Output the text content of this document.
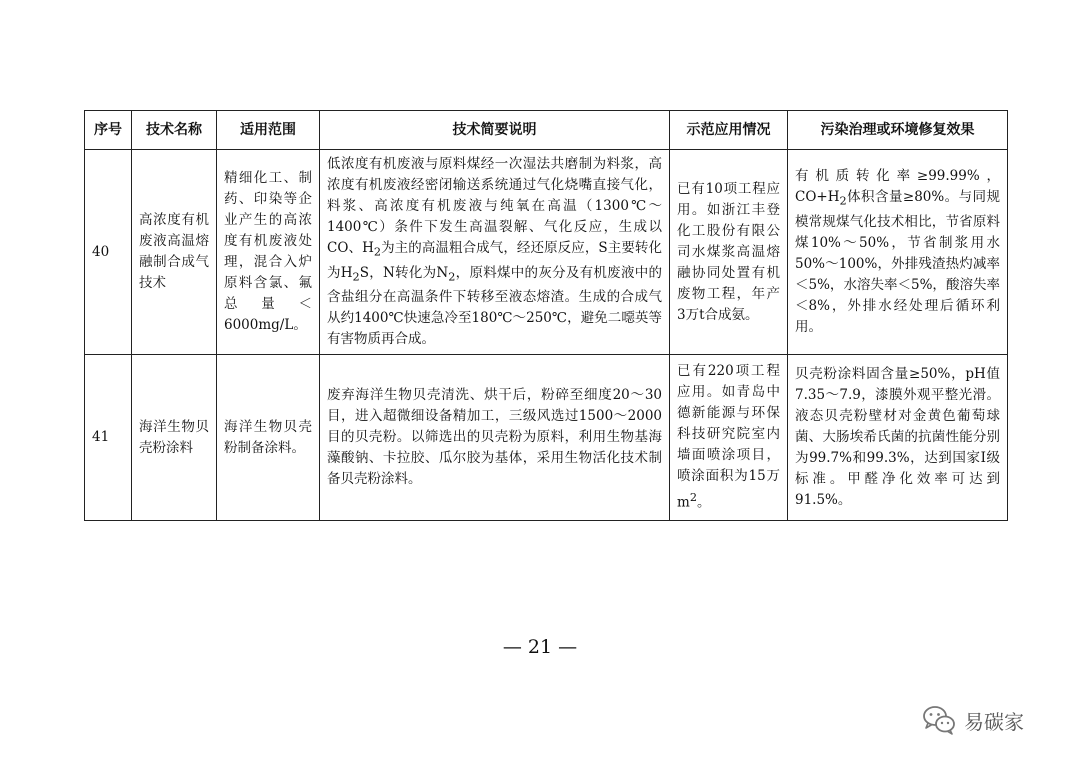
序号	技术名称	适用范围	技术简要说明	示范应用情况	污染治理或环境修复效果
40	高浓度有机废液高温熔融制合成气技术	精细化工、制药、印染等企业产生的高浓度有机废液处理，混合入炉原料含氯、氟总量＜6000mg/L。	低浓度有机废液与原料煤经一次湿法共磨制为料浆，高浓度有机废液经密闭输送系统通过气化烧嘴直接气化，料浆、高浓度有机废液与纯氧在高温（1300℃～1400℃）条件下发生高温裂解、气化反应，生成以CO、$H_2$为主的高温粗合成气，经还原反应，S主要转化为$H_2S$，N转化为$N_2$，原料煤中的灰分及有机废液中的含盐组分在高温条件下转移至液态熔渣。生成的合成气从约1400℃快速急冷至180℃～250℃，避免二噁英等有害物质再合成。	已有10项工程应用。如浙江丰登化工股份有限公司水煤浆高温熔融协同处置有机废物工程，年产3万t合成氨。	有机质转化率≥99.99%，$CO+H_2$体积含量≥80%。与同规模常规煤气化技术相比，节省原料煤10%～50%，节省制浆用水50%～100%，外排残渣热灼减率＜5%，水溶失率＜5%，酸溶失率＜8%，外排水经处理后循环利用。
41	海洋生物贝壳粉涂料	海洋生物贝壳粉制备涂料。	废弃海洋生物贝壳清洗、烘干后，粉碎至细度20～30目，进入超微细设备精加工，三级风选过1500～2000目的贝壳粉。以筛选出的贝壳粉为原料，利用生物基海藻酸钠、卡拉胶、瓜尔胶为基体，采用生物活化技术制备贝壳粉涂料。	已有220项工程应用。如青岛中德新能源与环保科技研究院室内墙面喷涂项目，喷涂面积为15万$m^2$。	贝壳粉涂料固含量≥50%，pH值7.35～7.9，漆膜外观平整光滑。液态贝壳粉壁材对金黄色葡萄球菌、大肠埃希氏菌的抗菌性能分别为99.7%和99.3%，达到国家I级标准。甲醛净化效率可达到91.5%。
— 21 —
易碳家
